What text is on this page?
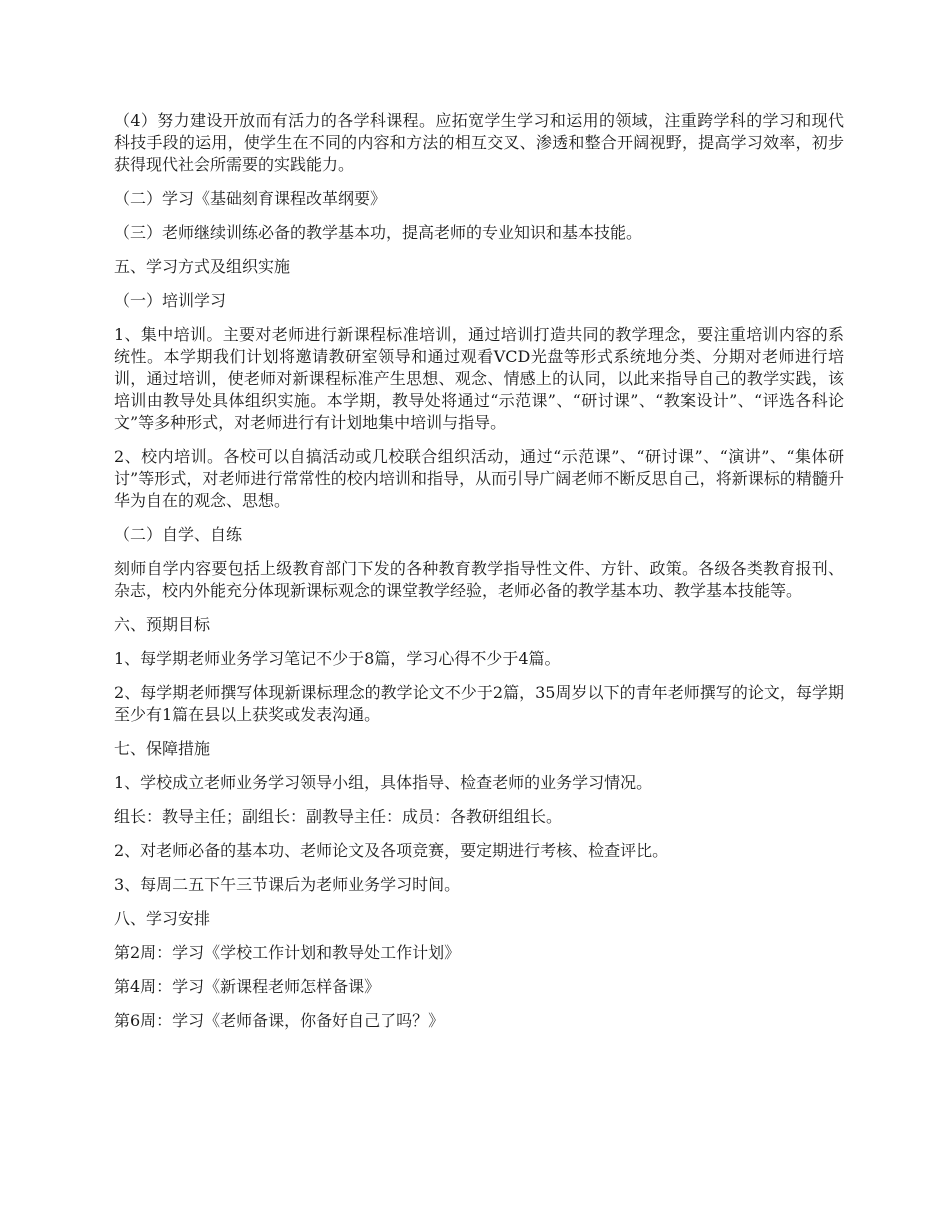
（4）努力建设开放而有活力的各学科课程。应拓宽学生学习和运用的领域，注重跨学科的学习和现代科技手段的运用，使学生在不同的内容和方法的相互交叉、渗透和整合开阔视野，提高学习效率，初步获得现代社会所需要的实践能力。

（二）学习《基础刻育课程改革纲要》

（三）老师继续训练必备的教学基本功，提高老师的专业知识和基本技能。

五、学习方式及组织实施

（一）培训学习

1、集中培训。主要对老师进行新课程标准培训，通过培训打造共同的教学理念，要注重培训内容的系统性。本学期我们计划将邀请教研室领导和通过观看VCD光盘等形式系统地分类、分期对老师进行培训，通过培训，使老师对新课程标准产生思想、观念、情感上的认同，以此来指导自己的教学实践，该培训由教导处具体组织实施。本学期，教导处将通过“示范课”、“研讨课”、“教案设计”、“评选各科论文”等多种形式，对老师进行有计划地集中培训与指导。

2、校内培训。各校可以自搞活动或几校联合组织活动，通过“示范课”、“研讨课”、“演讲”、“集体研讨”等形式，对老师进行常常性的校内培训和指导，从而引导广阔老师不断反思自己，将新课标的精髓升华为自在的观念、思想。

（二）自学、自练

刻师自学内容要包括上级教育部门下发的各种教育教学指导性文件、方针、政策。各级各类教育报刊、杂志，校内外能充分体现新课标观念的课堂教学经验，老师必备的教学基本功、教学基本技能等。

六、预期目标

1、每学期老师业务学习笔记不少于8篇，学习心得不少于4篇。

2、每学期老师撰写体现新课标理念的教学论文不少于2篇，35周岁以下的青年老师撰写的论文，每学期至少有1篇在县以上获奖或发表沟通。

七、保障措施

1、学校成立老师业务学习领导小组，具体指导、检查老师的业务学习情况。

组长：教导主任；副组长：副教导主任：成员：各教研组组长。

2、对老师必备的基本功、老师论文及各项竞赛，要定期进行考核、检查评比。

3、每周二五下午三节课后为老师业务学习时间。

八、学习安排

第2周：学习《学校工作计划和教导处工作计划》

第4周：学习《新课程老师怎样备课》

第6周：学习《老师备课，你备好自己了吗？》
